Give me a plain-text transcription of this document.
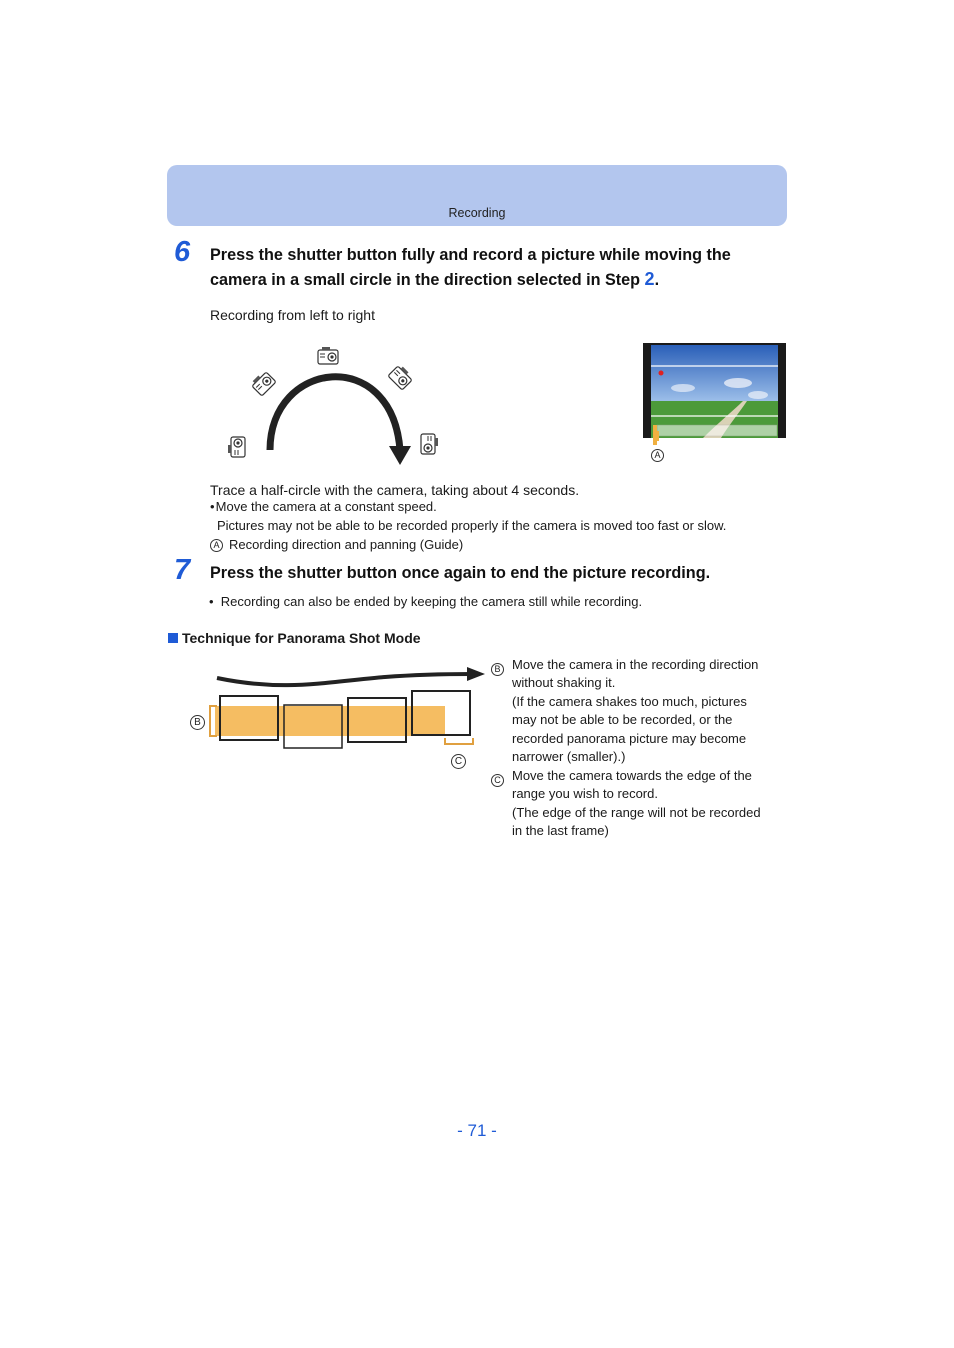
Recording
6 Press the shutter button fully and record a picture while moving the
camera in a small circle in the direction selected in Step 2.
Recording from left to right
A
Trace a half-circle with the camera, taking about 4 seconds.
• Move the camera at a constant speed.
Pictures may not be able to be recorded properly if the camera is moved too fast or slow.
A Recording direction and panning (Guide)
7 Press the shutter button once again to end the picture recording.
•  Recording can also be ended by keeping the camera still while recording.
Technique for Panorama Shot Mode
B
C
B Move the camera in the recording direction
without shaking it.
(If the camera shakes too much, pictures
may not be able to be recorded, or the
recorded panorama picture may become
narrower (smaller).)
C Move the camera towards the edge of the
range you wish to record.
(The edge of the range will not be recorded
in the last frame)
- 71 -
